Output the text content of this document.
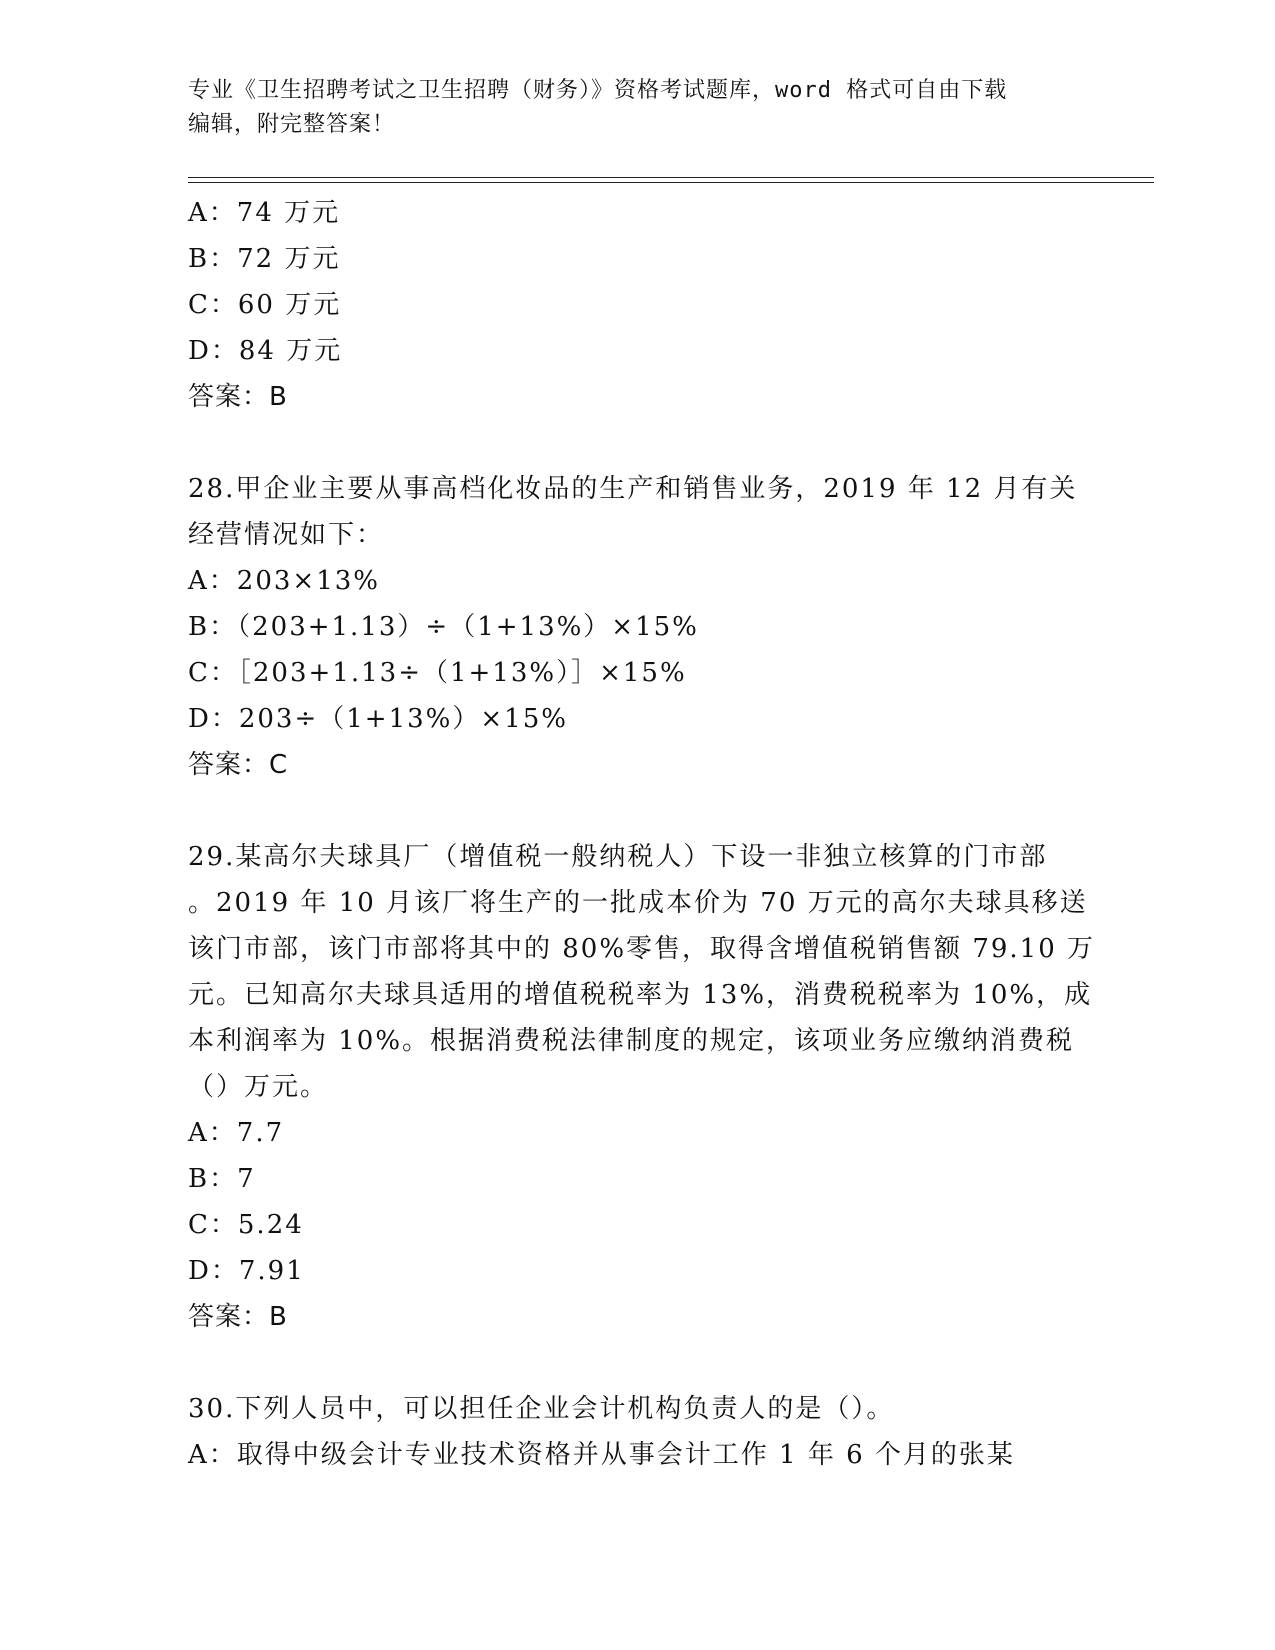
专业《卫生招聘考试之卫生招聘（财务）》资格考试题库，word 格式可自由下载
编辑，附完整答案！
A：74 万元
B：72 万元
C：60 万元
D：84 万元
答案：B
28.甲企业主要从事高档化妆品的生产和销售业务，2019 年 12 月有关
经营情况如下：
A：203×13%
B：（203+1.13）÷（1+13%）×15%
C：［203+1.13÷（1+13%）］×15%
D：203÷（1+13%）×15%
答案：C
29.某高尔夫球具厂（增值税一般纳税人）下设一非独立核算的门市部
。2019 年 10 月该厂将生产的一批成本价为 70 万元的高尔夫球具移送
该门市部，该门市部将其中的 80%零售，取得含增值税销售额 79.10 万
元。已知高尔夫球具适用的增值税税率为 13%，消费税税率为 10%，成
本利润率为 10%。根据消费税法律制度的规定，该项业务应缴纳消费税
（）万元。
A：7.7
B：7
C：5.24
D：7.91
答案：B
30.下列人员中，可以担任企业会计机构负责人的是（）。
A：取得中级会计专业技术资格并从事会计工作 1 年 6 个月的张某
